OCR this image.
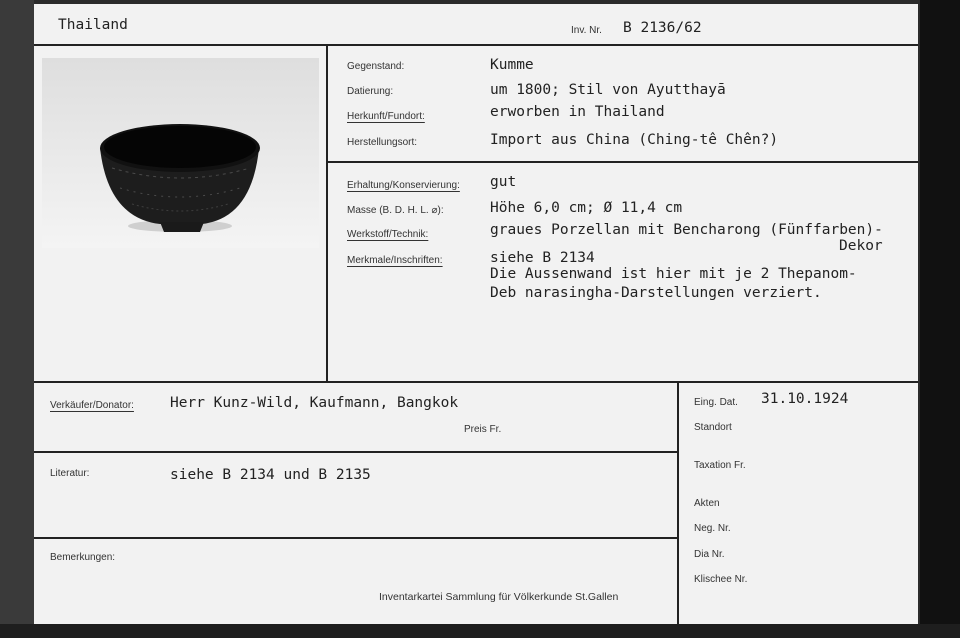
Thailand	Inv. Nr. B 2136/62
Gegenstand:	Kumme
Datierung:	um 1800; Stil von Ayutthayā
Herkunft/Fundort:	erworben in Thailand
Herstellungsort:	Import aus China (Ching-tê Chên?)
Erhaltung/Konservierung: gut
Masse (B. D. H. L. ⌀):	Höhe 6,0 cm; Ø 11,4 cm
Werkstoff/Technik:	graues Porzellan mit Bencharong (Fünffarben)-
Dekor
Merkmale/Inschriften:	siehe B 2134
Die Aussenwand ist hier mit je 2 Thepanom-
Deb narasingha-Darstellungen verziert.
Verkäufer/Donator: Herr Kunz-Wild, Kaufmann, Bangkok
Preis Fr.
Literatur:	siehe B 2134 und B 2135
Bemerkungen:
Inventarkartei Sammlung für Völkerkunde St.Gallen
Eing. Dat. 31.10.1924
Standort
Taxation Fr.
Akten
Neg. Nr.
Dia Nr.
Klischee Nr.
